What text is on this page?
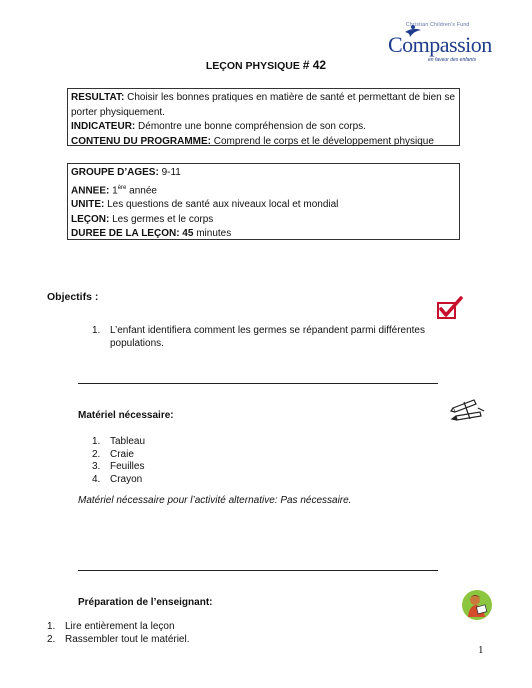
Christian Children's Fund
Compassion
en faveur des enfants
LEÇON PHYSIQUE # 42
RESULTAT: Choisir les bonnes pratiques en matière de santé et permettant de bien se porter physiquement.
INDICATEUR: Démontre une bonne compréhension de son corps.
CONTENU DU PROGRAMME: Comprend le corps et le développement physique
GROUPE D’AGES: 9-11
ANNEE: 1ère année
UNITE: Les questions de santé aux niveaux local et mondial
LEÇON: Les germes et le corps
DUREE DE LA LEÇON: 45 minutes
Objectifs :
1. L’enfant identifiera comment les germes se répandent parmi différentes populations.
Matériel nécessaire:
1. Tableau
2. Craie
3. Feuilles
4. Crayon
Matériel nécessaire pour l’activité alternative: Pas nécessaire.
Préparation de l’enseignant:
1. Lire entièrement la leçon
2. Rassembler tout le matériel.
1
